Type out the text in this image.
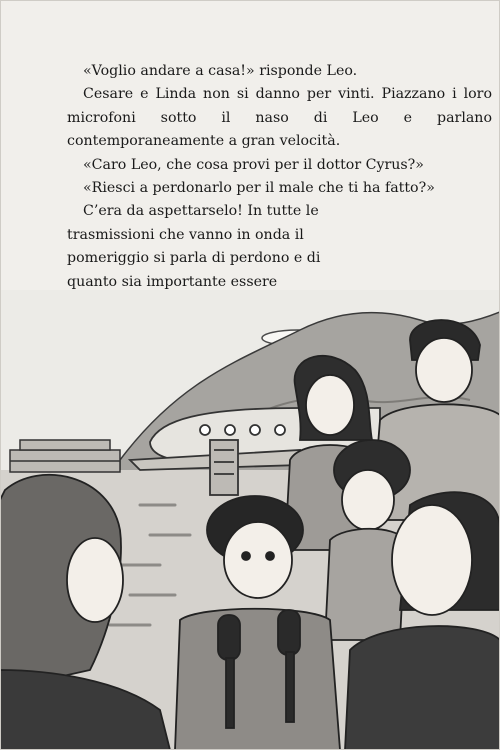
«Voglio andare a casa!» risponde Leo.

Cesare e Linda non si danno per vinti. Piazzano i loro microfoni sotto il naso di Leo e parlano contemporaneamente a gran velocità.

«Caro Leo, che cosa provi per il dottor Cyrus?»

«Riesci a perdonarlo per il male che ti ha fatto?»

C’era da aspettarselo! In tutte le trasmissioni che vanno in onda il pomeriggio si parla di perdono e di quanto sia importante essere
